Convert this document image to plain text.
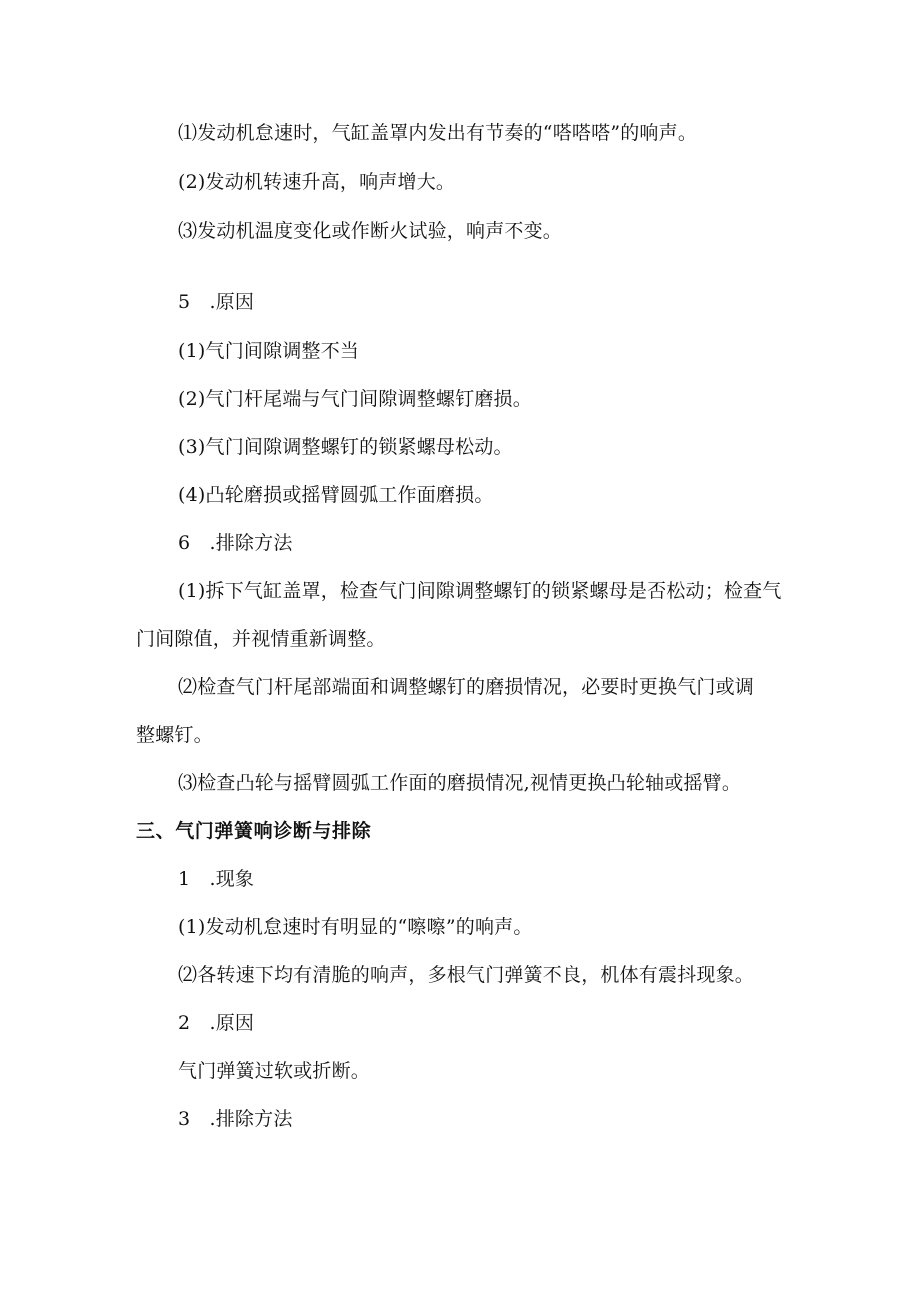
⑴发动机怠速时，气缸盖罩内发出有节奏的“嗒嗒嗒”的响声。
(2)发动机转速升高，响声增大。
⑶发动机温度变化或作断火试验，响声不变。
5　.原因
(1)气门间隙调整不当
(2)气门杆尾端与气门间隙调整螺钉磨损。
(3)气门间隙调整螺钉的锁紧螺母松动。
(4)凸轮磨损或摇臂圆弧工作面磨损。
6　.排除方法
(1)拆下气缸盖罩，检查气门间隙调整螺钉的锁紧螺母是否松动；检查气
门间隙值，并视情重新调整。
⑵检查气门杆尾部端面和调整螺钉的磨损情况，必要时更换气门或调
整螺钉。
⑶检查凸轮与摇臂圆弧工作面的磨损情况,视情更换凸轮轴或摇臂。
三、气门弹簧响诊断与排除
1　.现象
(1)发动机怠速时有明显的“嚓嚓”的响声。
⑵各转速下均有清脆的响声，多根气门弹簧不良，机体有震抖现象。
2　.原因
气门弹簧过软或折断。
3　.排除方法
